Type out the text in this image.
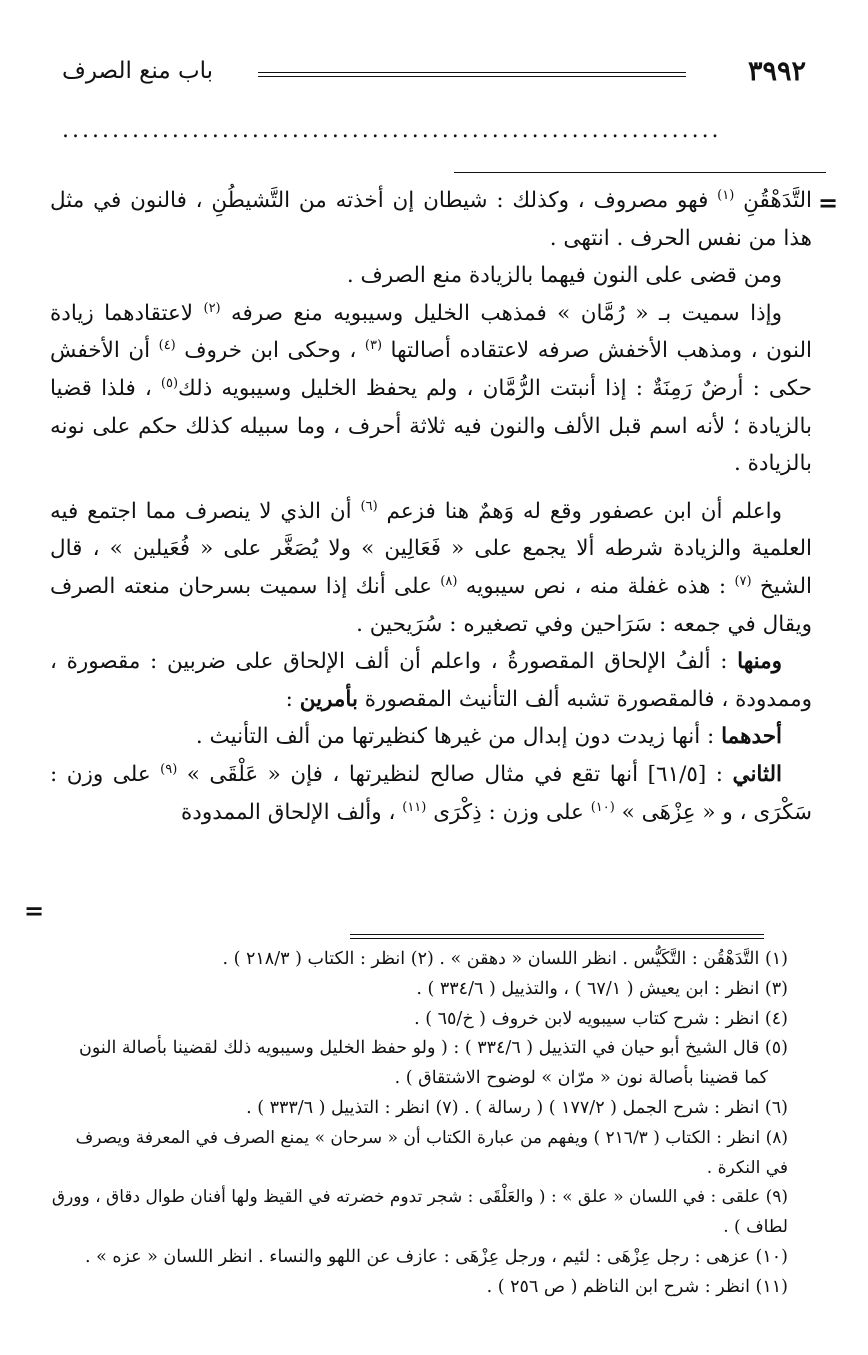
٣٩٩٢
باب منع الصرف
..................................................................
=
=

التَّدَهْقُنِ $^{(١)}$ فهو مصروف ، وكذلك : شيطان إن أخذته من التَّشيطُنِ ، فالنون في مثل هذا من نفس الحرف . انتهى .

ومن قضى على النون فيهما بالزيادة منع الصرف .

وإذا سميت بـ « رُمَّان » فمذهب الخليل وسيبويه منع صرفه $^{(٢)}$ لاعتقادهما زيادة النون ، ومذهب الأخفش صرفه لاعتقاده أصالتها $^{(٣)}$ ، وحكى ابن خروف $^{(٤)}$ أن الأخفش حكى : أرضٌ رَمِنَةٌ : إذا أنبتت الرُّمَّان ، ولم يحفظ الخليل وسيبويه ذلك$^{(٥)}$ ، فلذا قضيا بالزيادة ؛ لأنه اسم قبل الألف والنون فيه ثلاثة أحرف ، وما سبيله كذلك حكم على نونه بالزيادة .

واعلم أن ابن عصفور وقع له وَهمٌ هنا فزعم $^{(٦)}$ أن الذي لا ينصرف مما اجتمع فيه العلمية والزيادة شرطه ألا يجمع على « فَعَالِين » ولا يُصَغَّر على « فُعَيلين » ، قال الشيخ $^{(٧)}$ : هذه غفلة منه ، نص سيبويه $^{(٨)}$ على أنك إذا سميت بسرحان منعته الصرف ويقال في جمعه : سَرَاحين وفي تصغيره : سُرَيحين .

ومنها : ألفُ الإلحاق المقصورةُ ، واعلم أن ألف الإلحاق على ضربين : مقصورة ، وممدودة ، فالمقصورة تشبه ألف التأنيث المقصورة بأمرين :

أحدهما : أنها زيدت دون إبدال من غيرها كنظيرتها من ألف التأنيث .

الثاني : [٦١/٥] أنها تقع في مثال صالح لنظيرتها ، فإن « عَلْقَى » $^{(٩)}$ على وزن : سَكْرَى ، و « عِزْهَى » $^{(١٠)}$ على وزن : ذِكْرَى $^{(١١)}$ ، وألف الإلحاق الممدودة

(١) التَّدَهْقُن : التَّكَيُّس . انظر اللسان « دهقن » . (٢) انظر : الكتاب ( ٢١٨/٣ ) .

(٣) انظر : ابن يعيش ( ٦٧/١ ) ، والتذييل ( ٣٣٤/٦ ) .

(٤) انظر : شرح كتاب سيبويه لابن خروف ( خ/٦٥ ) .

(٥) قال الشيخ أبو حيان في التذييل ( ٣٣٤/٦ ) : ( ولو حفظ الخليل وسيبويه ذلك لقضينا بأصالة النون

كما قضينا بأصالة نون « مرّان » لوضوح الاشتقاق ) .

(٦) انظر : شرح الجمل ( ١٧٧/٢ ) ( رسالة ) . (٧) انظر : التذييل ( ٣٣٣/٦ ) .

(٨) انظر : الكتاب ( ٢١٦/٣ ) ويفهم من عبارة الكتاب أن « سرحان » يمنع الصرف في المعرفة ويصرف في النكرة .

(٩) علقى : في اللسان « علق » : ( والعَلْقَى : شجر تدوم خضرته في القيظ ولها أفنان طوال دقاق ، وورق لطاف ) .

(١٠) عزهى : رجل عِزْهَى : لئيم ، ورجل عِزْهَى : عازف عن اللهو والنساء . انظر اللسان « عزه » .

(١١) انظر : شرح ابن الناظم ( ص ٢٥٦ ) .
